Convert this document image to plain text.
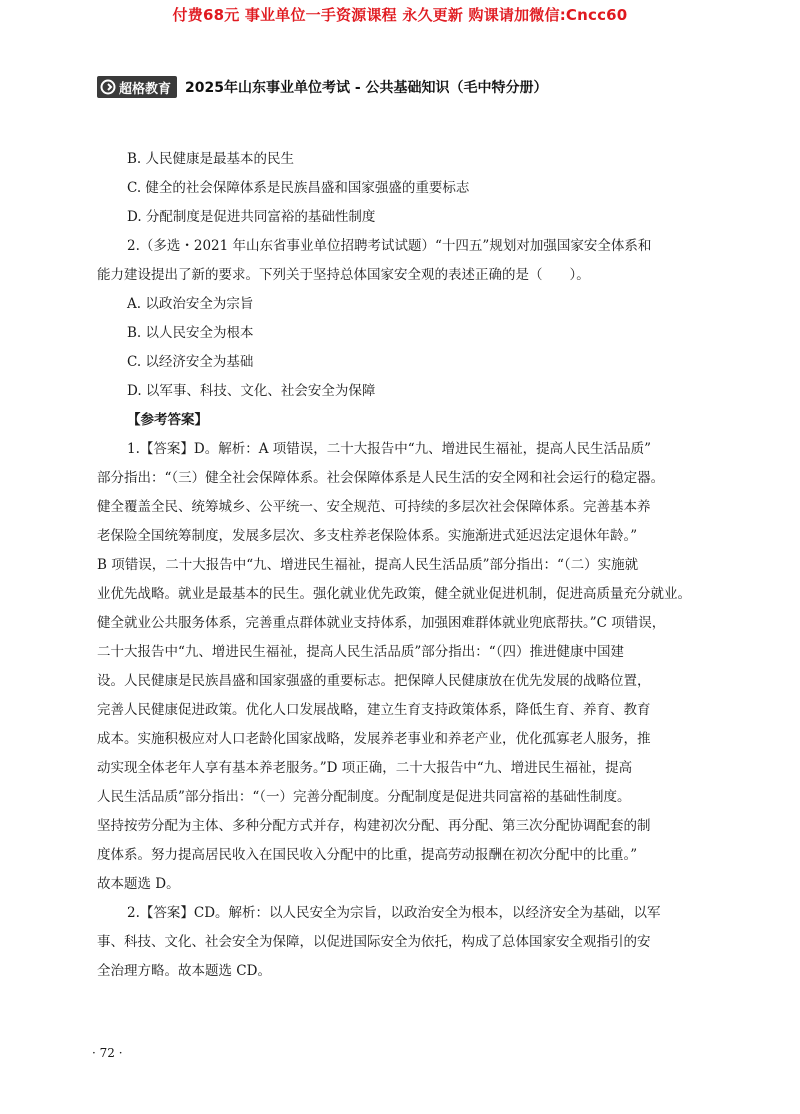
付费68元 事业单位一手资源课程 永久更新 购课请加微信:Cncc60
超格教育 2025年山东事业单位考试 - 公共基础知识（毛中特分册）
B. 人民健康是最基本的民生
C. 健全的社会保障体系是民族昌盛和国家强盛的重要标志
D. 分配制度是促进共同富裕的基础性制度
2.（多选・2021 年山东省事业单位招聘考试试题）“十四五”规划对加强国家安全体系和
能力建设提出了新的要求。下列关于坚持总体国家安全观的表述正确的是（　　）。
A. 以政治安全为宗旨
B. 以人民安全为根本
C. 以经济安全为基础
D. 以军事、科技、文化、社会安全为保障
【参考答案】
1.【答案】D。解析：A 项错误，二十大报告中“九、增进民生福祉，提高人民生活品质”
部分指出：“（三）健全社会保障体系。社会保障体系是人民生活的安全网和社会运行的稳定器。
健全覆盖全民、统筹城乡、公平统一、安全规范、可持续的多层次社会保障体系。完善基本养
老保险全国统筹制度，发展多层次、多支柱养老保险体系。实施渐进式延迟法定退休年龄。”
B 项错误，二十大报告中“九、增进民生福祉，提高人民生活品质”部分指出：“（二）实施就
业优先战略。就业是最基本的民生。强化就业优先政策，健全就业促进机制，促进高质量充分就业。
健全就业公共服务体系，完善重点群体就业支持体系，加强困难群体就业兜底帮扶。”C 项错误，
二十大报告中“九、增进民生福祉，提高人民生活品质”部分指出：“（四）推进健康中国建
设。人民健康是民族昌盛和国家强盛的重要标志。把保障人民健康放在优先发展的战略位置，
完善人民健康促进政策。优化人口发展战略，建立生育支持政策体系，降低生育、养育、教育
成本。实施积极应对人口老龄化国家战略，发展养老事业和养老产业，优化孤寡老人服务，推
动实现全体老年人享有基本养老服务。”D 项正确，二十大报告中“九、增进民生福祉，提高
人民生活品质”部分指出：“（一）完善分配制度。分配制度是促进共同富裕的基础性制度。
坚持按劳分配为主体、多种分配方式并存，构建初次分配、再分配、第三次分配协调配套的制
度体系。努力提高居民收入在国民收入分配中的比重，提高劳动报酬在初次分配中的比重。”
故本题选 D。
2.【答案】CD。解析：以人民安全为宗旨，以政治安全为根本，以经济安全为基础，以军
事、科技、文化、社会安全为保障，以促进国际安全为依托，构成了总体国家安全观指引的安
全治理方略。故本题选 CD。
· 72 ·
